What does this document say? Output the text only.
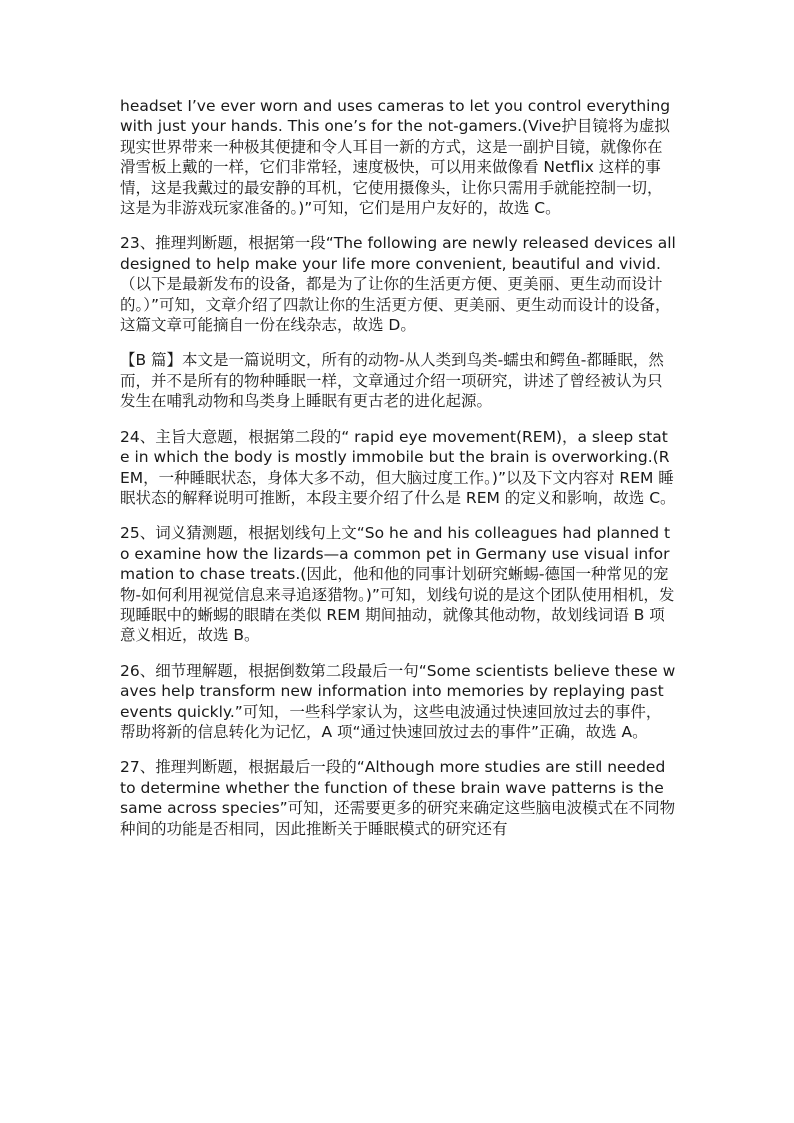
headset I’ve ever worn and uses cameras to let you control everything with just your hands. This one’s for the not-gamers.(Vive护目镜将为虚拟现实世界带来一种极其便捷和令人耳目一新的方式，这是一副护目镜，就像你在滑雪板上戴的一样，它们非常轻，速度极快，可以用来做像看 Netflix 这样的事情，这是我戴过的最安静的耳机，它使用摄像头，让你只需用手就能控制一切，这是为非游戏玩家准备的。)”可知，它们是用户友好的，故选 C。

23、推理判断题，根据第一段“The following are newly released devices all designed to help make your life more convenient, beautiful and vivid.（以下是最新发布的设备，都是为了让你的生活更方便、更美丽、更生动而设计的。）”可知，文章介绍了四款让你的生活更方便、更美丽、更生动而设计的设备，这篇文章可能摘自一份在线杂志，故选 D。

【B 篇】本文是一篇说明文，所有的动物-从人类到鸟类-蠕虫和鳄鱼-都睡眠，然而，并不是所有的物种睡眠一样，文章通过介绍一项研究，讲述了曾经被认为只发生在哺乳动物和鸟类身上睡眠有更古老的进化起源。

24、主旨大意题，根据第二段的“ rapid eye movement(REM)，a sleep state in which the body is mostly immobile but the brain is overworking.(REM，一种睡眠状态，身体大多不动，但大脑过度工作。)”以及下文内容对 REM 睡眠状态的解释说明可推断，本段主要介绍了什么是 REM 的定义和影响，故选 C。

25、词义猜测题，根据划线句上文“So he and his colleagues had planned to examine how the lizards—a common pet in Germany use visual information to chase treats.(因此，他和他的同事计划研究蜥蜴-德国一种常见的宠物-如何利用视觉信息来寻追逐猎物。)”可知，划线句说的是这个团队使用相机，发现睡眠中的蜥蜴的眼睛在类似 REM 期间抽动，就像其他动物，故划线词语 B 项意义相近，故选 B。

26、细节理解题，根据倒数第二段最后一句“Some scientists believe these waves help transform new information into memories by replaying past events quickly.”可知，一些科学家认为，这些电波通过快速回放过去的事件，帮助将新的信息转化为记忆，A 项“通过快速回放过去的事件”正确，故选 A。

27、推理判断题，根据最后一段的“Although more studies are still needed to determine whether the function of these brain wave patterns is the same across species”可知，还需要更多的研究来确定这些脑电波模式在不同物种间的功能是否相同，因此推断关于睡眠模式的研究还有
